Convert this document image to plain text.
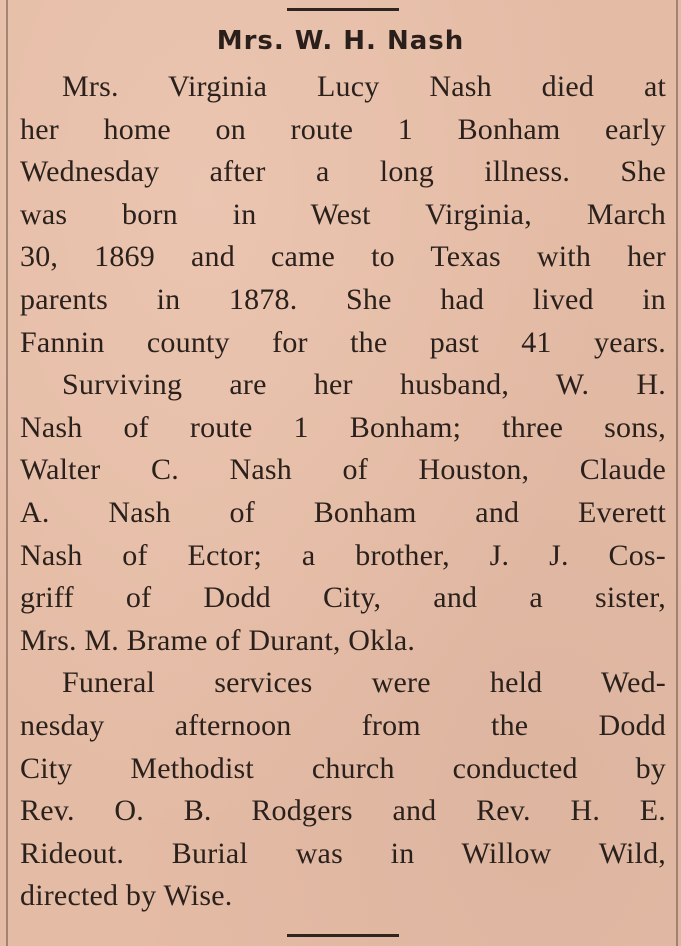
Mrs. W. H. Nash
Mrs. Virginia Lucy Nash died at
her home on route 1 Bonham early
Wednesday after a long illness. She
was born in West Virginia, March
30, 1869 and came to Texas with her
parents in 1878. She had lived in
Fannin county for the past 41 years.
Surviving are her husband, W. H.
Nash of route 1 Bonham; three sons,
Walter C. Nash of Houston, Claude
A. Nash of Bonham and Everett
Nash of Ector; a brother, J. J. Cos-
griff of Dodd City, and a sister,
Mrs. M. Brame of Durant, Okla.
Funeral services were held Wed-
nesday afternoon from the Dodd
City Methodist church conducted by
Rev. O. B. Rodgers and Rev. H. E.
Rideout. Burial was in Willow Wild,
directed by Wise.
